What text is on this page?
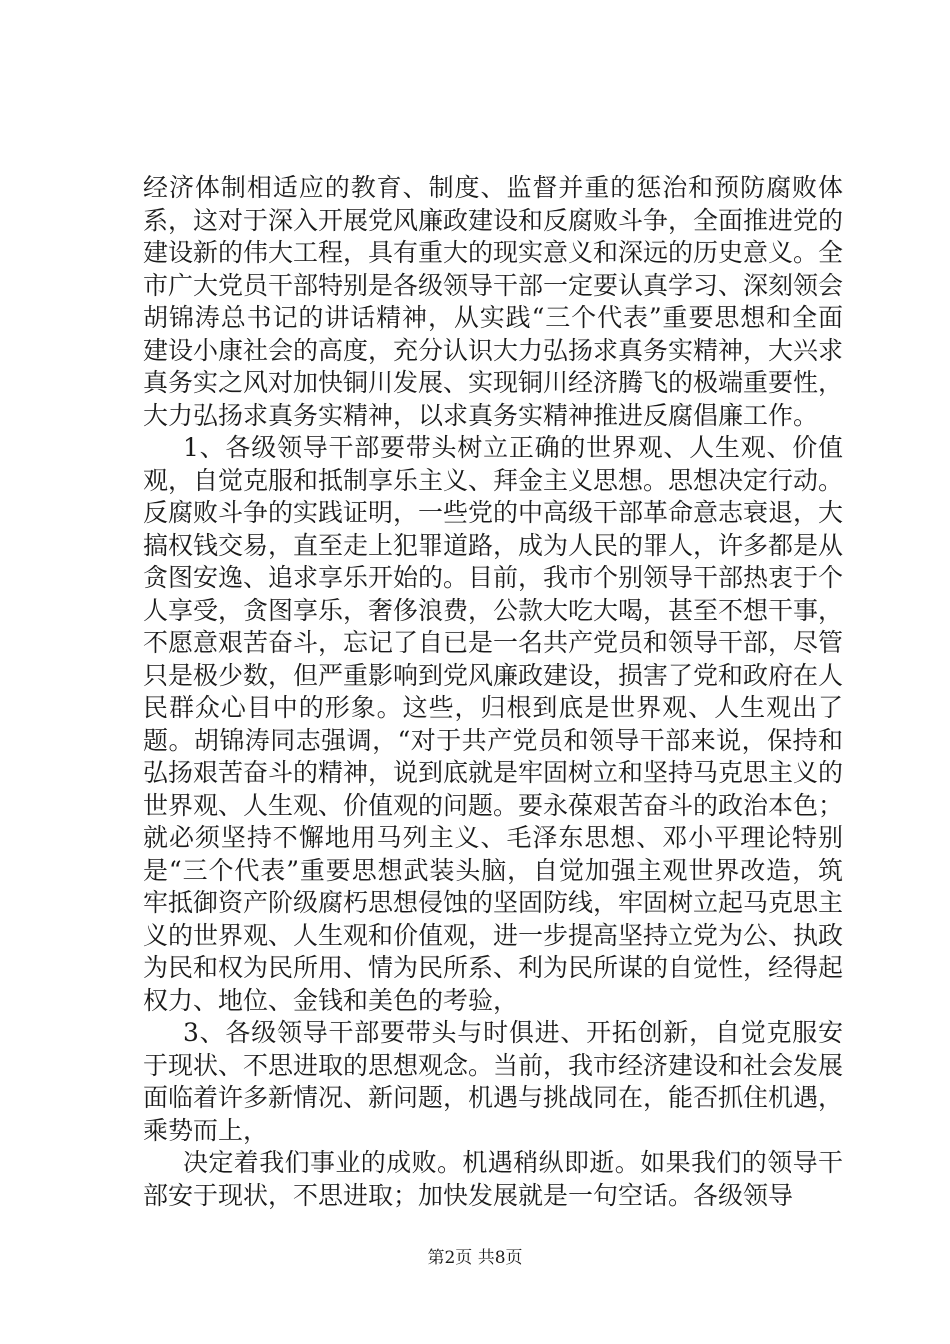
经济体制相适应的教育、制度、监督并重的惩治和预防腐败体系，这对于深入开展党风廉政建设和反腐败斗争，全面推进党的建设新的伟大工程，具有重大的现实意义和深远的历史意义。全市广大党员干部特别是各级领导干部一定要认真学习、深刻领会胡锦涛总书记的讲话精神，从实践“三个代表”重要思想和全面建设小康社会的高度，充分认识大力弘扬求真务实精神，大兴求真务实之风对加快铜川发展、实现铜川经济腾飞的极端重要性，大力弘扬求真务实精神，以求真务实精神推进反腐倡廉工作。

1、各级领导干部要带头树立正确的世界观、人生观、价值观，自觉克服和抵制享乐主义、拜金主义思想。思想决定行动。反腐败斗争的实践证明，一些党的中高级干部革命意志衰退，大搞权钱交易，直至走上犯罪道路，成为人民的罪人，许多都是从贪图安逸、追求享乐开始的。目前，我市个别领导干部热衷于个人享受，贪图享乐，奢侈浪费，公款大吃大喝，甚至不想干事，不愿意艰苦奋斗，忘记了自已是一名共产党员和领导干部，尽管只是极少数，但严重影响到党风廉政建设，损害了党和政府在人民群众心目中的形象。这些，归根到底是世界观、人生观出了题。胡锦涛同志强调，“对于共产党员和领导干部来说，保持和弘扬艰苦奋斗的精神，说到底就是牢固树立和坚持马克思主义的世界观、人生观、价值观的问题。要永葆艰苦奋斗的政治本色；就必须坚持不懈地用马列主义、毛泽东思想、邓小平理论特别是“三个代表”重要思想武装头脑，自觉加强主观世界改造，筑牢抵御资产阶级腐朽思想侵蚀的坚固防线，牢固树立起马克思主义的世界观、人生观和价值观，进一步提高坚持立党为公、执政为民和权为民所用、情为民所系、利为民所谋的自觉性，经得起权力、地位、金钱和美色的考验，

3、各级领导干部要带头与时俱进、开拓创新，自觉克服安于现状、不思进取的思想观念。当前，我市经济建设和社会发展面临着许多新情况、新问题，机遇与挑战同在，能否抓住机遇，乘势而上，

决定着我们事业的成败。机遇稍纵即逝。如果我们的领导干部安于现状，不思进取；加快发展就是一句空话。各级领导

第2页 共8页
